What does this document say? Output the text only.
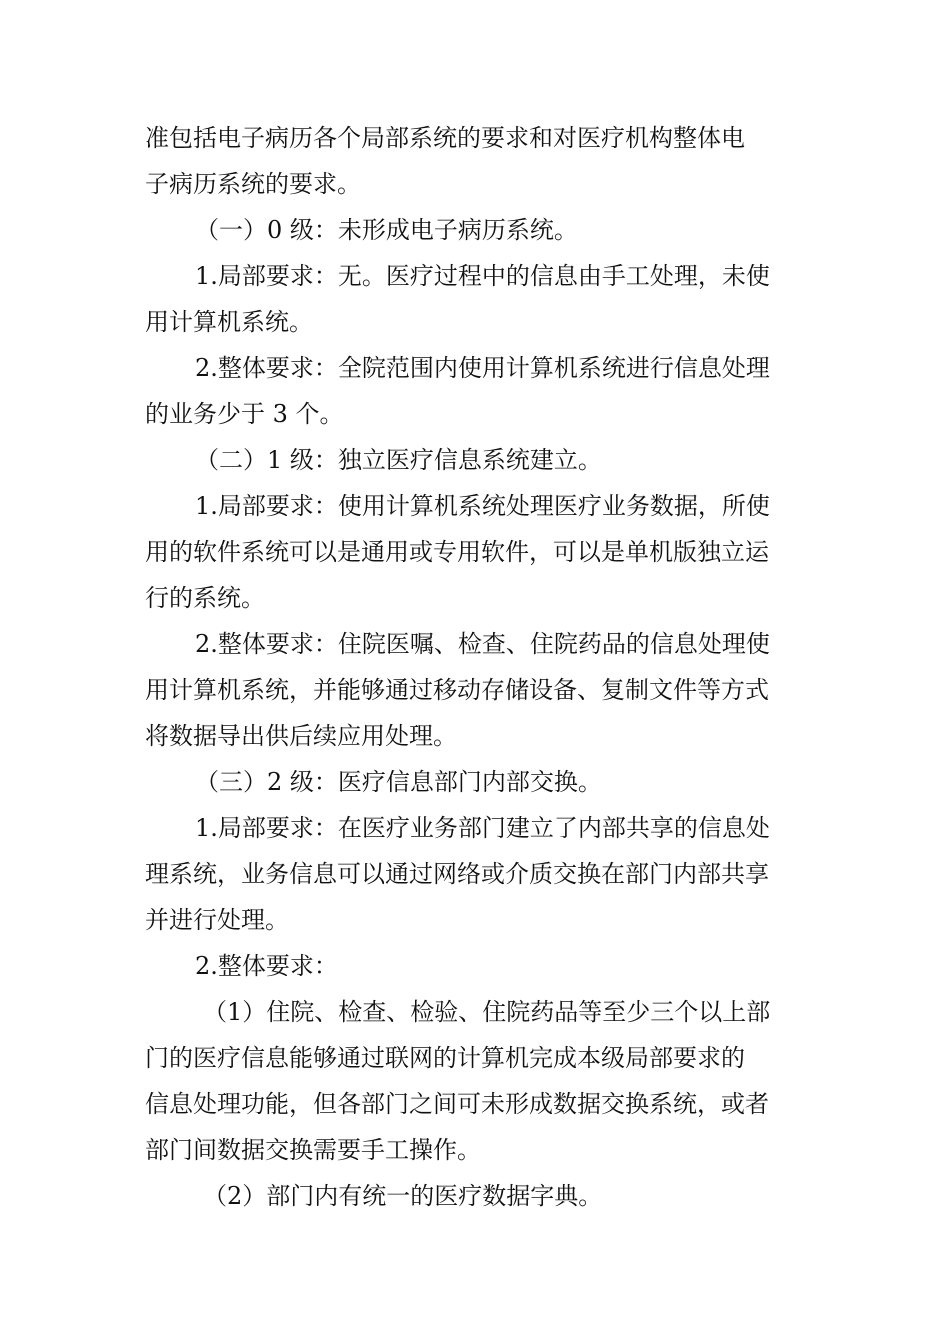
准包括电子病历各个局部系统的要求和对医疗机构整体电
子病历系统的要求。
（一）0 级：未形成电子病历系统。
1.局部要求：无。医疗过程中的信息由手工处理，未使
用计算机系统。
2.整体要求：全院范围内使用计算机系统进行信息处理
的业务少于 3 个。
（二）1 级：独立医疗信息系统建立。
1.局部要求：使用计算机系统处理医疗业务数据，所使
用的软件系统可以是通用或专用软件，可以是单机版独立运
行的系统。
2.整体要求：住院医嘱、检查、住院药品的信息处理使
用计算机系统，并能够通过移动存储设备、复制文件等方式
将数据导出供后续应用处理。
（三）2 级：医疗信息部门内部交换。
1.局部要求：在医疗业务部门建立了内部共享的信息处
理系统，业务信息可以通过网络或介质交换在部门内部共享
并进行处理。
2.整体要求：
（1）住院、检查、检验、住院药品等至少三个以上部
门的医疗信息能够通过联网的计算机完成本级局部要求的
信息处理功能，但各部门之间可未形成数据交换系统，或者
部门间数据交换需要手工操作。
（2）部门内有统一的医疗数据字典。
